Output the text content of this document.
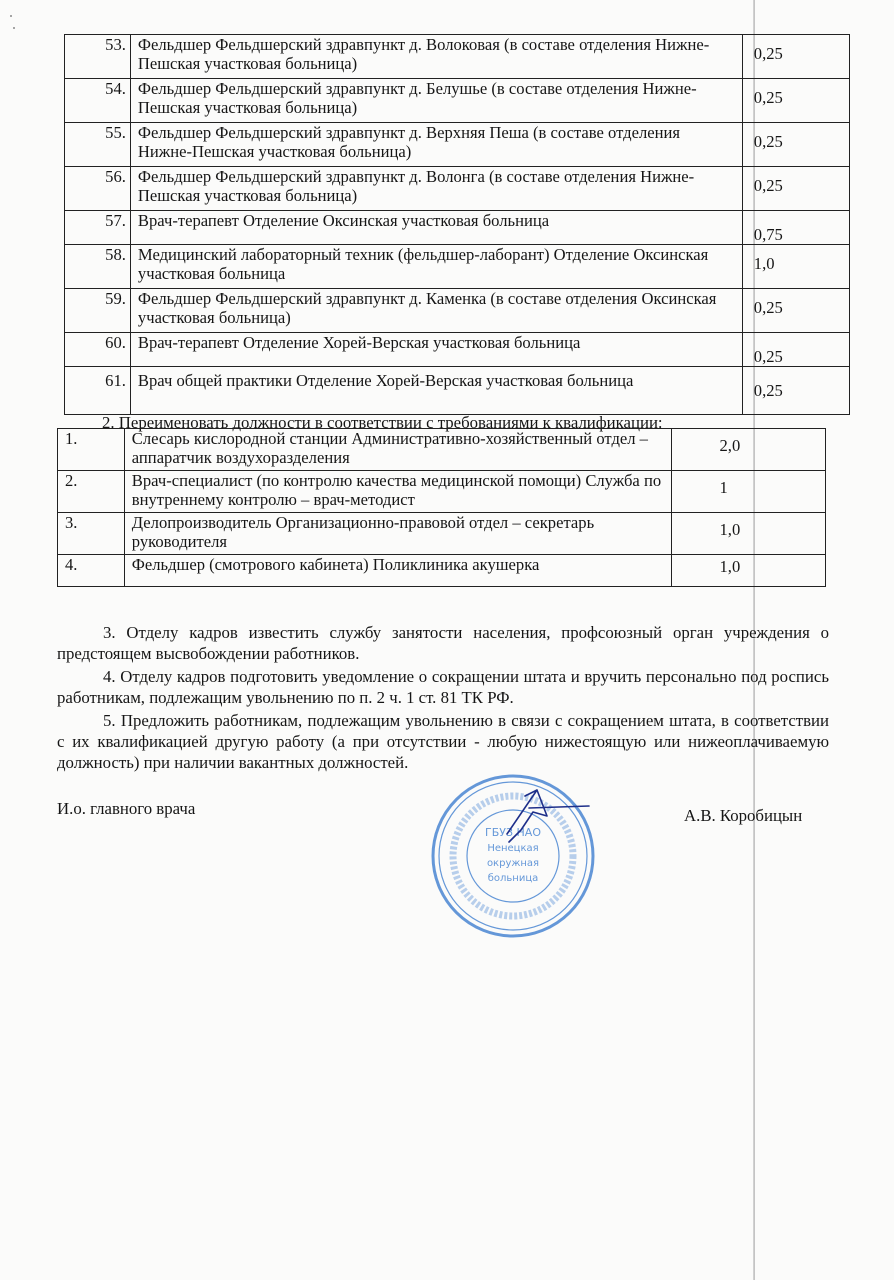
53.	Фельдшер Фельдшерский здравпункт д. Волоковая (в составе отделения Нижне-Пешская участковая больница)	0,25
54.	Фельдшер Фельдшерский здравпункт д. Белушье (в составе отделения Нижне-Пешская участковая больница)	0,25
55.	Фельдшер Фельдшерский здравпункт д. Верхняя Пеша (в составе отделения Нижне-Пешская участковая больница)	0,25
56.	Фельдшер Фельдшерский здравпункт д. Волонга (в составе отделения Нижне-Пешская участковая больница)	0,25
57.	Врач-терапевт Отделение Оксинская участковая больница	0,75
58.	Медицинский лабораторный техник (фельдшер-лаборант) Отделение Оксинская участковая больница	1,0
59.	Фельдшер Фельдшерский здравпункт д. Каменка (в составе отделения Оксинская участковая больница)	0,25
60.	Врач-терапевт Отделение Хорей-Верская участковая больница	0,25
61.	Врач общей практики Отделение Хорей-Верская участковая больница	0,25
2. Переименовать должности в соответствии с требованиями к квалификации:
1.	Слесарь кислородной станции Административно-хозяйственный отдел – аппаратчик воздухоразделения	2,0
2.	Врач-специалист (по контролю качества медицинской помощи) Служба по внутреннему контролю – врач-методист	1
3.	Делопроизводитель Организационно-правовой отдел – секретарь руководителя	1,0
4.	Фельдшер (смотрового кабинета) Поликлиника акушерка	1,0
3. Отделу кадров известить службу занятости населения, профсоюзный орган учреждения о предстоящем высвобождении работников.
4. Отделу кадров подготовить уведомление о сокращении штата и вручить персонально под роспись работникам, подлежащим увольнению по п. 2 ч. 1 ст. 81 ТК РФ.
5. Предложить работникам, подлежащим увольнению в связи с сокращением штата, в соответствии с их квалификацией другую работу (а при отсутствии - любую нижестоящую или нижеоплачиваемую должность) при наличии вакантных должностей.
И.о. главного врача	А.В. Коробицын
ГБУЗ НАО
Ненецкая
окружная
больница
